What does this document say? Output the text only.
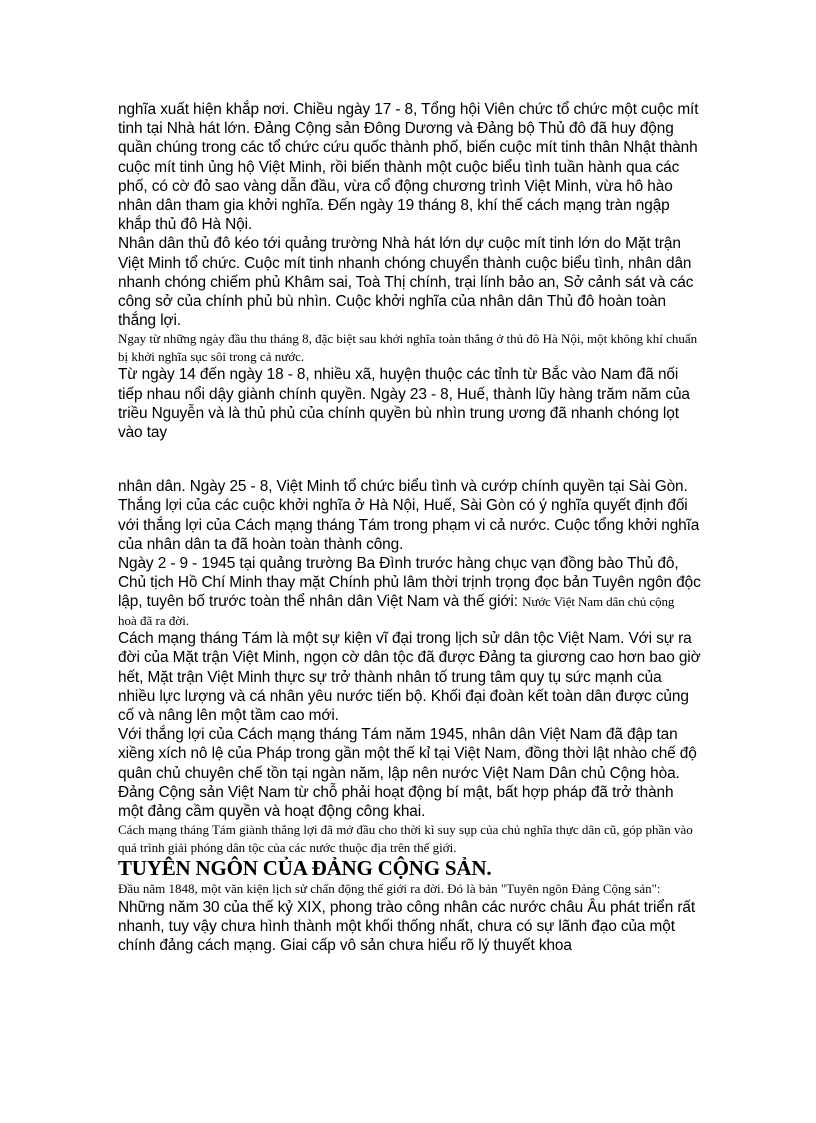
nghĩa xuất hiện khắp nơi. Chiều ngày 17 - 8, Tổng hội Viên chức tổ chức một cuộc mít tinh tại Nhà hát lớn. Đảng Cộng sản Đông Dương và Đảng bộ Thủ đô đã huy động quần chúng trong các tổ chức cứu quốc thành phố, biến cuộc mít tinh thân Nhật thành cuộc mít tinh ủng hộ Việt Minh, rồi biến thành một cuộc biểu tình tuần hành qua các phố, có cờ đỏ sao vàng dẫn đầu, vừa cổ động chương trình Việt Minh, vừa hô hào nhân dân tham gia khởi nghĩa. Đến ngày 19 tháng 8, khí thế cách mạng tràn ngập khắp thủ đô Hà Nội.

Nhân dân thủ đô kéo tới quảng trường Nhà hát lớn dự cuộc mít tinh lớn do Mặt trận Việt Minh tổ chức. Cuộc mít tinh nhanh chóng chuyển thành cuộc biểu tình, nhân dân nhanh chóng chiếm phủ Khâm sai, Toà Thị chính, trại lính bảo an, Sở cảnh sát và các công sở của chính phủ bù nhìn. Cuộc khởi nghĩa của nhân dân Thủ đô hoàn toàn thắng lợi.

Ngay từ những ngày đầu thu tháng 8, đặc biệt sau khởi nghĩa toàn thắng ở thủ đô Hà Nội, một không khí chuẩn bị khởi nghĩa sục sôi trong cả nước.

Từ ngày 14 đến ngày 18 - 8, nhiều xã, huyện thuộc các tỉnh từ Bắc vào Nam đã nối tiếp nhau nổi dậy giành chính quyền. Ngày 23 - 8, Huế, thành lũy hàng trăm năm của triều Nguyễn và là thủ phủ của chính quyền bù nhìn trung ương đã nhanh chóng lọt vào tay

nhân dân. Ngày 25 - 8, Việt Minh tổ chức biểu tình và cướp chính quyền tại Sài Gòn. Thắng lợi của các cuộc khởi nghĩa ở Hà Nội, Huế, Sài Gòn có ý nghĩa quyết định đối với thắng lợi của Cách mạng tháng Tám trong phạm vi cả nước. Cuộc tổng khởi nghĩa của nhân dân ta đã hoàn toàn thành công.

Ngày 2 - 9 - 1945 tại quảng trường Ba Đình trước hàng chục vạn đồng bào Thủ đô, Chủ tịch Hồ Chí Minh thay mặt Chính phủ lâm thời trịnh trọng đọc bản Tuyên ngôn độc lập, tuyên bố trước toàn thể nhân dân Việt Nam và thế giới: Nước Việt Nam dân chủ cộng

hoà đã ra đời.

Cách mạng tháng Tám là một sự kiện vĩ đại trong lịch sử dân tộc Việt Nam. Với sự ra đời của Mặt trận Việt Minh, ngọn cờ dân tộc đã được Đảng ta giương cao hơn bao giờ hết, Mặt trận Việt Minh thực sự trở thành nhân tố trung tâm quy tụ sức mạnh của nhiều lực lượng và cá nhân yêu nước tiến bộ. Khối đại đoàn kết toàn dân được củng cố và nâng lên một tầm cao mới.

Với thắng lợi của Cách mạng tháng Tám năm 1945, nhân dân Việt Nam đã đập tan xiềng xích nô lệ của Pháp trong gần một thế kỉ tại Việt Nam, đồng thời lật nhào chế độ quân chủ chuyên chế tồn tại ngàn năm, lập nên nước Việt Nam Dân chủ Cộng hòa. Đảng Cộng sản Việt Nam từ chỗ phải hoạt động bí mật, bất hợp pháp đã trở thành một đảng cầm quyền và hoạt động công khai.

Cách mạng tháng Tám giành thắng lợi đã mở đầu cho thời kì suy sụp của chủ nghĩa thực dân cũ, góp phần vào quá trình giải phóng dân tộc của các nước thuộc địa trên thế giới.

TUYÊN NGÔN CỦA ĐẢNG CỘNG SẢN.

Đầu năm 1848, một văn kiện lịch sử chấn động thế giới ra đời. Đó là bản "Tuyên ngôn Đảng Cộng sản":

Những năm 30 của thế kỷ XIX, phong trào công nhân các nước châu Âu phát triển rất nhanh, tuy vậy chưa hình thành một khối thống nhất, chưa có sự lãnh đạo của một chính đảng cách mạng. Giai cấp vô sản chưa hiểu rõ lý thuyết khoa
